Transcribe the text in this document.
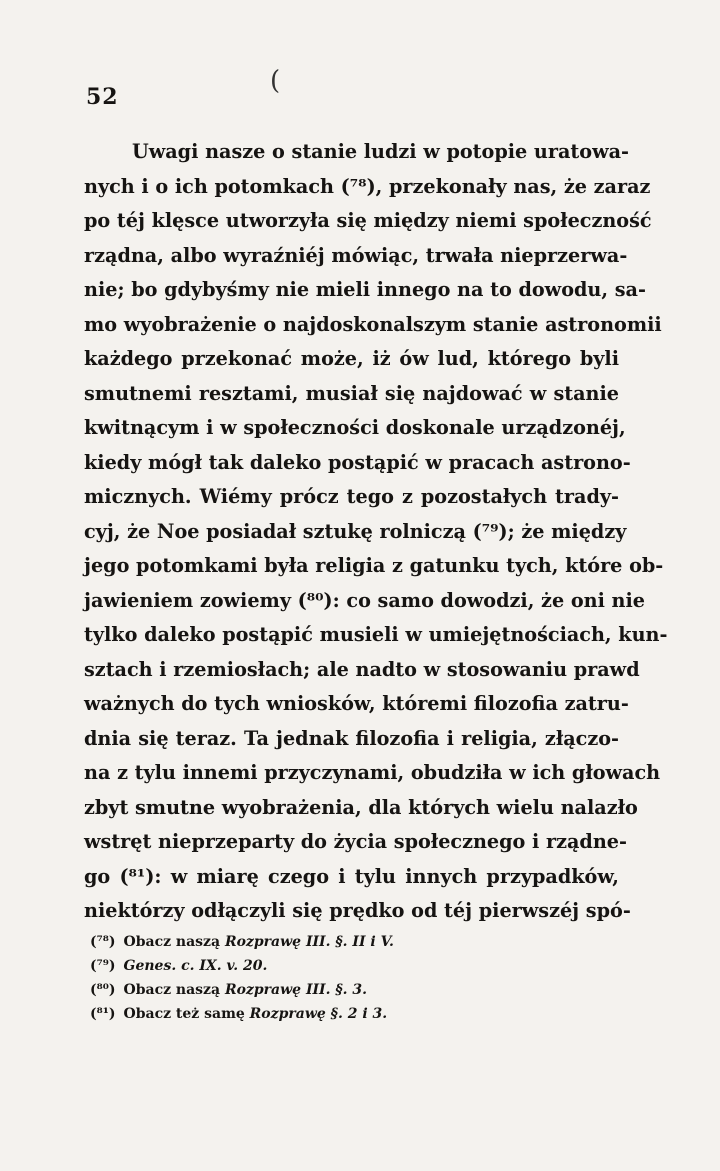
52
(
Uwagi nasze o stanie ludzi w potopie uratowa-
nych i o ich potomkach (⁷⁸), przekonały nas, że zaraz
po téj klęsce utworzyła się między niemi społeczność
rządna, albo wyraźniéj mówiąc, trwała nieprzerwa-
nie; bo gdybyśmy nie mieli innego na to dowodu, sa-
mo wyobrażenie o najdoskonalszym stanie astronomii
każdego przekonać może, iż ów lud, którego byli
smutnemi resztami, musiał się najdować w stanie
kwitnącym i w społeczności doskonale urządzonéj,
kiedy mógł tak daleko postąpić w pracach astrono-
micznych. Wiémy prócz tego z pozostałych trady-
cyj, że Noe posiadał sztukę rolniczą (⁷⁹); że między
jego potomkami była religia z gatunku tych, które ob-
jawieniem zowiemy (⁸⁰): co samo dowodzi, że oni nie
tylko daleko postąpić musieli w umiejętnościach, kun-
sztach i rzemiosłach; ale nadto w stosowaniu prawd
ważnych do tych wniosków, któremi filozofia zatru-
dnia się teraz. Ta jednak filozofia i religia, złączo-
na z tylu innemi przyczynami, obudziła w ich głowach
zbyt smutne wyobrażenia, dla których wielu nalazło
wstręt nieprzeparty do życia społecznego i rządne-
go (⁸¹): w miarę czego i tylu innych przypadków,
niektórzy odłączyli się prędko od téj pierwszéj spó-
(⁷⁸) Obacz naszą Rozprawę III. §. II i V.
(⁷⁹) Genes. c. IX. v. 20.
(⁸⁰) Obacz naszą Rozprawę III. §. 3.
(⁸¹) Obacz też samę Rozprawę §. 2 i 3.
